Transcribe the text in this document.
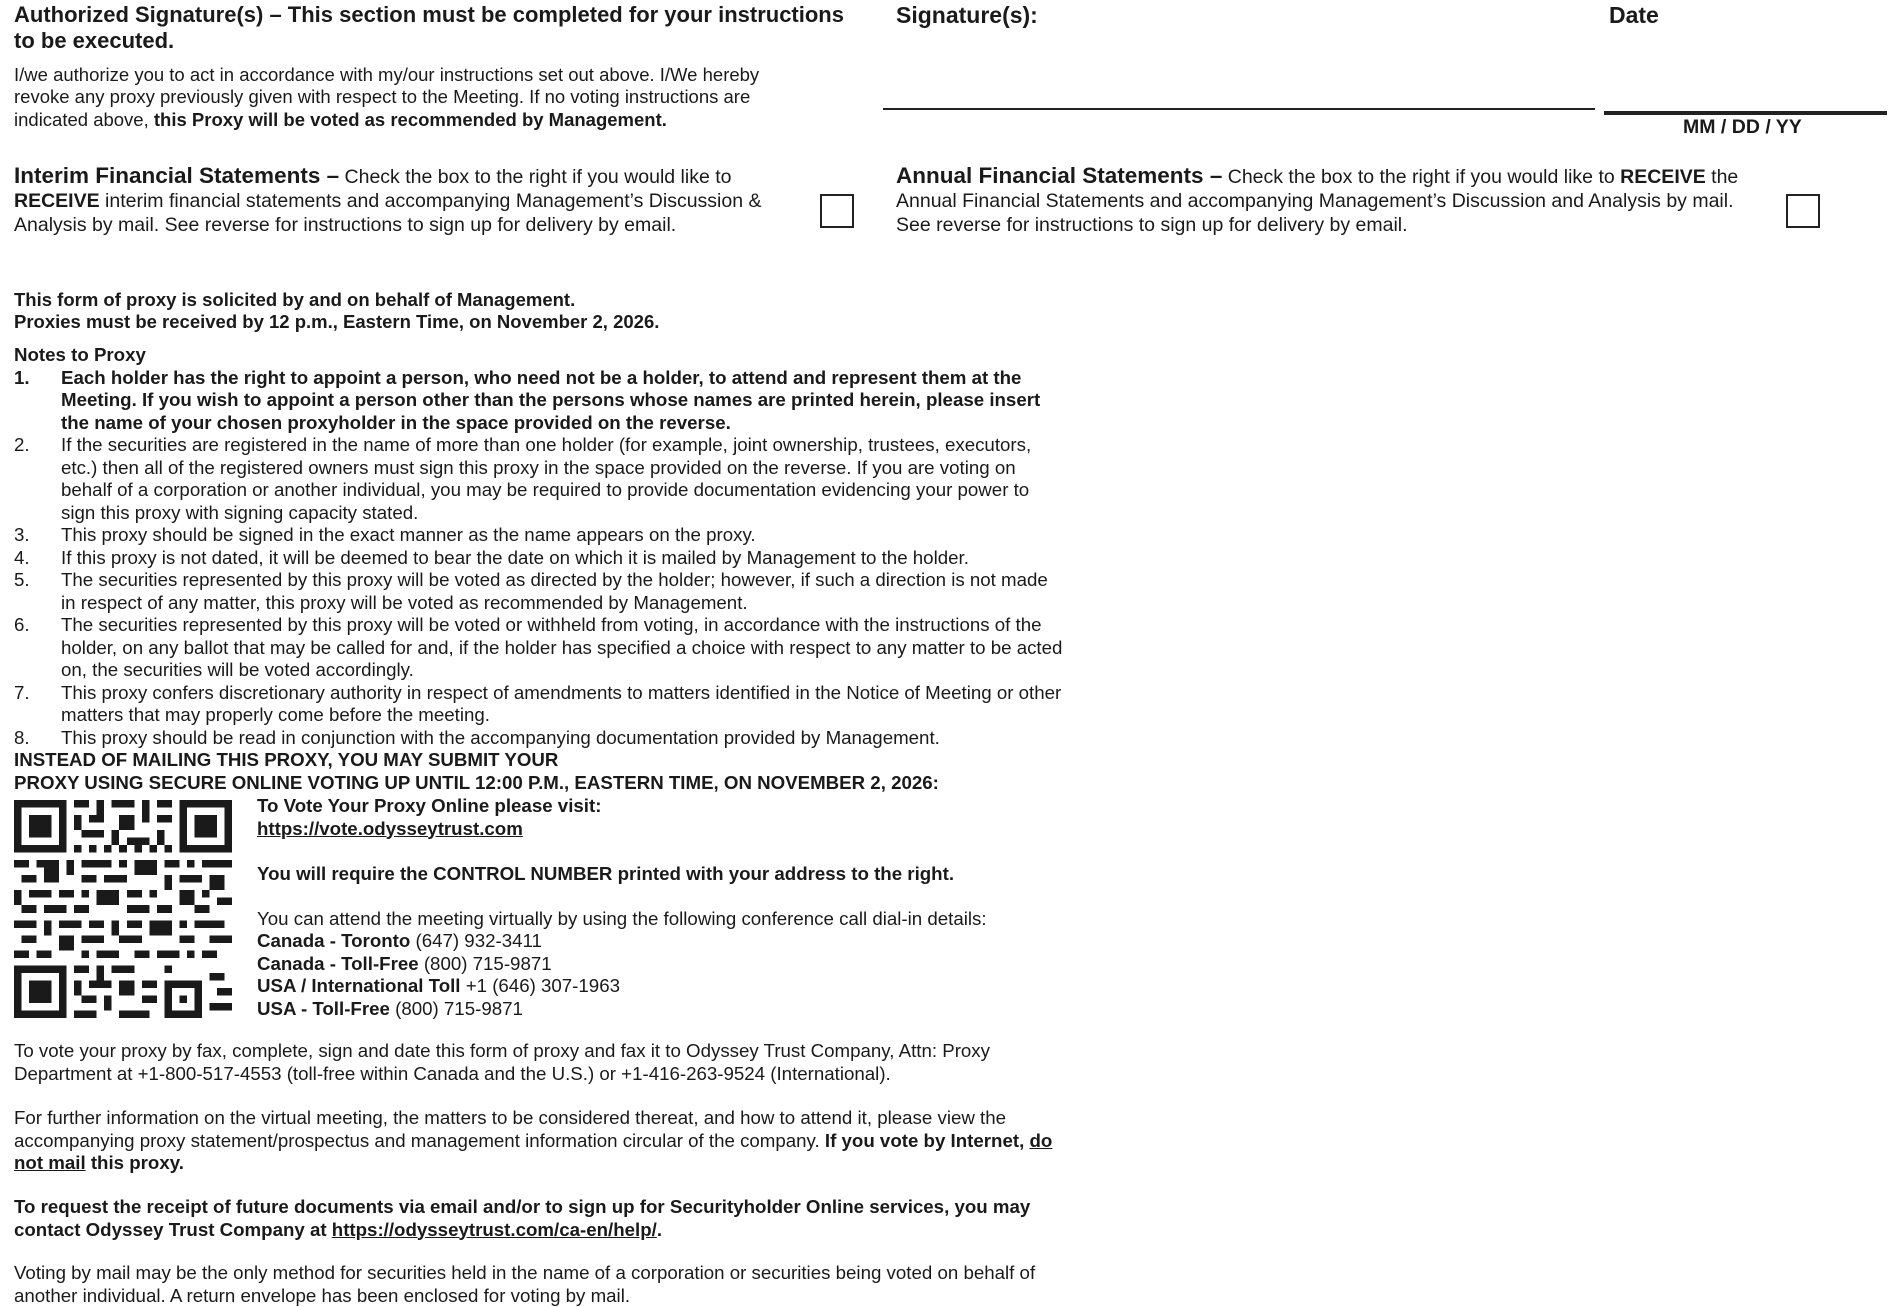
Authorized Signature(s) – This section must be completed for your instructions to be executed.
I/we authorize you to act in accordance with my/our instructions set out above. I/We hereby revoke any proxy previously given with respect to the Meeting. If no voting instructions are indicated above, this Proxy will be voted as recommended by Management.
Signature(s):	Date
MM / DD / YY
Interim Financial Statements – Check the box to the right if you would like to RECEIVE interim financial statements and accompanying Management’s Discussion & Analysis by mail. See reverse for instructions to sign up for delivery by email.
Annual Financial Statements – Check the box to the right if you would like to RECEIVE the Annual Financial Statements and accompanying Management’s Discussion and Analysis by mail. See reverse for instructions to sign up for delivery by email.
This form of proxy is solicited by and on behalf of Management.
Proxies must be received by 12 p.m., Eastern Time, on November 2, 2026.
Notes to Proxy
1. Each holder has the right to appoint a person, who need not be a holder, to attend and represent them at the Meeting. If you wish to appoint a person other than the persons whose names are printed herein, please insert the name of your chosen proxyholder in the space provided on the reverse.
2. If the securities are registered in the name of more than one holder (for example, joint ownership, trustees, executors, etc.) then all of the registered owners must sign this proxy in the space provided on the reverse. If you are voting on behalf of a corporation or another individual, you may be required to provide documentation evidencing your power to sign this proxy with signing capacity stated.
3. This proxy should be signed in the exact manner as the name appears on the proxy.
4. If this proxy is not dated, it will be deemed to bear the date on which it is mailed by Management to the holder.
5. The securities represented by this proxy will be voted as directed by the holder; however, if such a direction is not made in respect of any matter, this proxy will be voted as recommended by Management.
6. The securities represented by this proxy will be voted or withheld from voting, in accordance with the instructions of the holder, on any ballot that may be called for and, if the holder has specified a choice with respect to any matter to be acted on, the securities will be voted accordingly.
7. This proxy confers discretionary authority in respect of amendments to matters identified in the Notice of Meeting or other matters that may properly come before the meeting.
8. This proxy should be read in conjunction with the accompanying documentation provided by Management.
INSTEAD OF MAILING THIS PROXY, YOU MAY SUBMIT YOUR
PROXY USING SECURE ONLINE VOTING UP UNTIL 12:00 P.M., EASTERN TIME, ON NOVEMBER 2, 2026:
To Vote Your Proxy Online please visit:
https://vote.odysseytrust.com
You will require the CONTROL NUMBER printed with your address to the right.
You can attend the meeting virtually by using the following conference call dial-in details:
Canada - Toronto (647) 932-3411
Canada - Toll-Free (800) 715-9871
USA / International Toll +1 (646) 307-1963
USA - Toll-Free (800) 715-9871
To vote your proxy by fax, complete, sign and date this form of proxy and fax it to Odyssey Trust Company, Attn: Proxy Department at +1-800-517-4553 (toll-free within Canada and the U.S.) or +1-416-263-9524 (International).
For further information on the virtual meeting, the matters to be considered thereat, and how to attend it, please view the accompanying proxy statement/prospectus and management information circular of the company. If you vote by Internet, do not mail this proxy.
To request the receipt of future documents via email and/or to sign up for Securityholder Online services, you may contact Odyssey Trust Company at https://odysseytrust.com/ca-en/help/.
Voting by mail may be the only method for securities held in the name of a corporation or securities being voted on behalf of another individual. A return envelope has been enclosed for voting by mail.
